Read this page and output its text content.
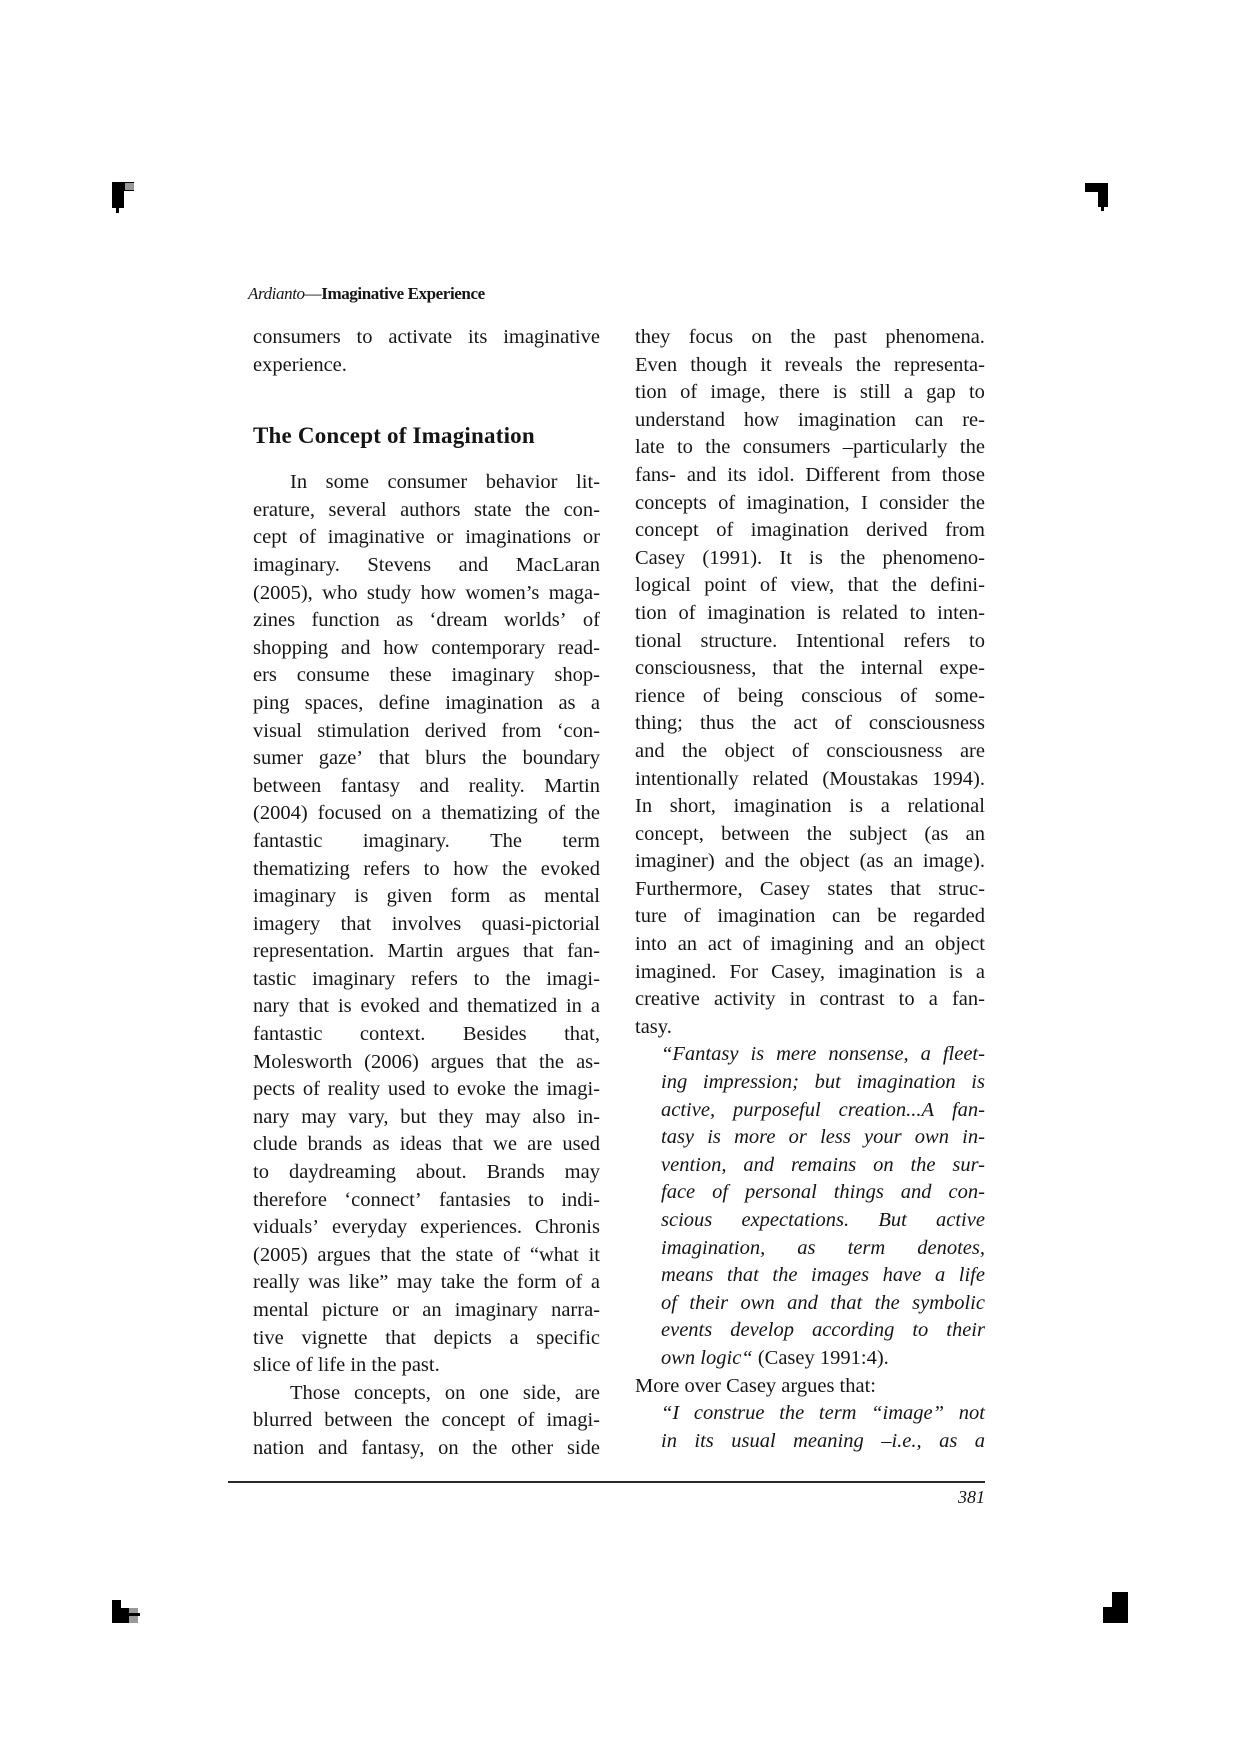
Ardianto—Imaginative Experience
consumers to activate its imaginative
experience.
The Concept of Imagination
In some consumer behavior lit-
erature, several authors state the con-
cept of imaginative or imaginations or
imaginary. Stevens and MacLaran
(2005), who study how women’s maga-
zines function as ‘dream worlds’ of
shopping and how contemporary read-
ers consume these imaginary shop-
ping spaces, define imagination as a
visual stimulation derived from ‘con-
sumer gaze’ that blurs the boundary
between fantasy and reality. Martin
(2004) focused on a thematizing of the
fantastic imaginary. The term
thematizing refers to how the evoked
imaginary is given form as mental
imagery that involves quasi-pictorial
representation. Martin argues that fan-
tastic imaginary refers to the imagi-
nary that is evoked and thematized in a
fantastic context. Besides that,
Molesworth (2006) argues that the as-
pects of reality used to evoke the imagi-
nary may vary, but they may also in-
clude brands as ideas that we are used
to daydreaming about. Brands may
therefore ‘connect’ fantasies to indi-
viduals’ everyday experiences. Chronis
(2005) argues that the state of “what it
really was like” may take the form of a
mental picture or an imaginary narra-
tive vignette that depicts a specific
slice of life in the past.
Those concepts, on one side, are
blurred between the concept of imagi-
nation and fantasy, on the other side
they focus on the past phenomena.
Even though it reveals the representa-
tion of image, there is still a gap to
understand how imagination can re-
late to the consumers –particularly the
fans- and its idol. Different from those
concepts of imagination, I consider the
concept of imagination derived from
Casey (1991). It is the phenomeno-
logical point of view, that the defini-
tion of imagination is related to inten-
tional structure. Intentional refers to
consciousness, that the internal expe-
rience of being conscious of some-
thing; thus the act of consciousness
and the object of consciousness are
intentionally related (Moustakas 1994).
In short, imagination is a relational
concept, between the subject (as an
imaginer) and the object (as an image).
Furthermore, Casey states that struc-
ture of imagination can be regarded
into an act of imagining and an object
imagined. For Casey, imagination is a
creative activity in contrast to a fan-
tasy.
“Fantasy is mere nonsense, a fleet-
ing impression; but imagination is
active, purposeful creation...A fan-
tasy is more or less your own in-
vention, and remains on the sur-
face of personal things and con-
scious expectations. But active
imagination, as term denotes,
means that the images have a life
of their own and that the symbolic
events develop according to their
own logic“ (Casey 1991:4).
More over Casey argues that:
“I construe the term “image” not
in its usual meaning –i.e., as a
381
